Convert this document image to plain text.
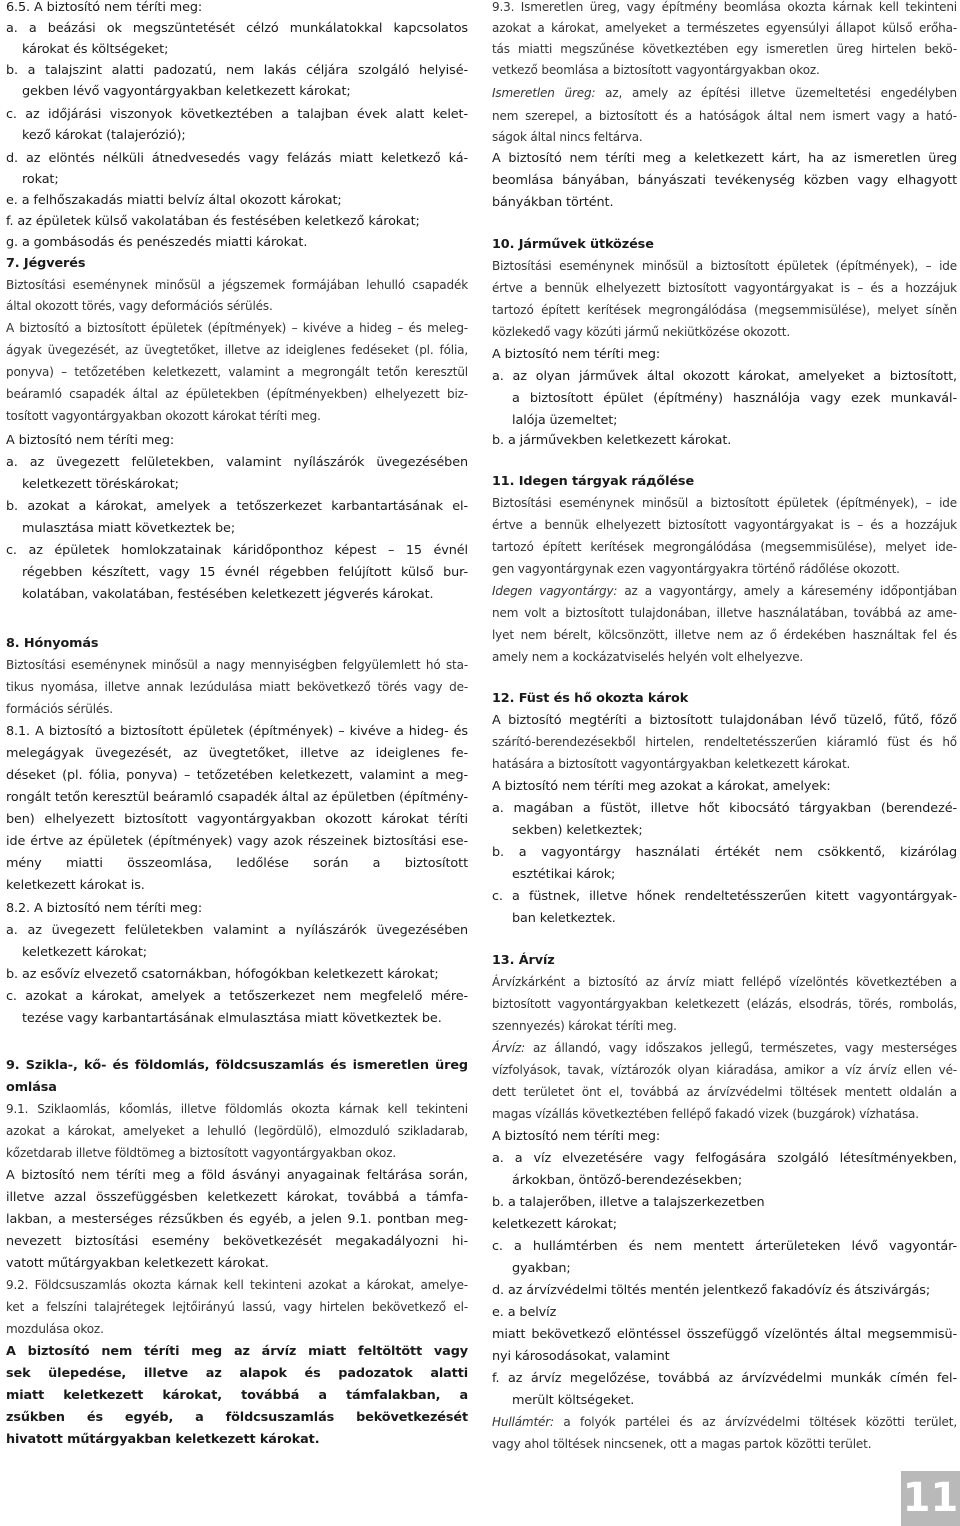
6.5. A biztosító nem téríti meg:
a. a beázási ok megszüntetését célzó munkálatokkal kapcsolatos
károkat és költségeket;
b. a talajszint alatti padozatú, nem lakás céljára szolgáló helyisé-
gekben lévő vagyontárgyakban keletkezett károkat;
c. az időjárási viszonyok következtében a talajban évek alatt kelet-
kező károkat (talajerózió);
d. az elöntés nélküli átnedvesedés vagy felázás miatt keletkező ká-
rokat;
e. a felhőszakadás miatti belvíz által okozott károkat;
f. az épületek külső vakolatában és festésében keletkező károkat;
g. a gombásodás és penészedés miatti károkat.
7. Jégverés
Biztosítási eseménynek minősül a jégszemek formájában lehulló csapadék
által okozott törés, vagy deformációs sérülés.
A biztosító a biztosított épületek (építmények) – kivéve a hideg – és meleg-
ágyak üvegezését, az üvegtetőket, illetve az ideiglenes fedéseket (pl. fólia,
ponyva) – tetőzetében keletkezett, valamint a megrongált tetőn keresztül
beáramló csapadék által az épületekben (építményekben) elhelyezett biz-
tosított vagyontárgyakban okozott károkat téríti meg.
A biztosító nem téríti meg:
a. az üvegezett felületekben, valamint nyílászárók üvegezésében
keletkezett töréskárokat;
b. azokat a károkat, amelyek a tetőszerkezet karbantartásának el-
mulasztása miatt következtek be;
c. az épületek homlokzatainak káridőponthoz képest – 15 évnél
régebben készített, vagy 15 évnél régebben felújított külső bur-
kolatában, vakolatában, festésében keletkezett jégverés károkat.
8. Hónyomás
Biztosítási eseménynek minősül a nagy mennyiségben felgyülemlett hó sta-
tikus nyomása, illetve annak lezúdulása miatt bekövetkező törés vagy de-
formációs sérülés.
8.1. A biztosító a biztosított épületek (építmények) – kivéve a hideg- és
melegágyak üvegezését, az üvegtetőket, illetve az ideiglenes fe-
déseket (pl. fólia, ponyva) – tetőzetében keletkezett, valamint a meg-
rongált tetőn keresztül beáramló csapadék által az épületben (építmény-
ben) elhelyezett biztosított vagyontárgyakban okozott károkat téríti
ide értve az épületek (építmények) vagy azok részeinek biztosítási ese-
mény miatti összeomlása, ledőlése során a biztosított
keletkezett károkat is.
8.2. A biztosító nem téríti meg:
a. az üvegezett felületekben valamint a nyílászárók üvegezésében
keletkezett károkat;
b. az esővíz elvezető csatornákban, hófogókban keletkezett károkat;
c. azokat a károkat, amelyek a tetőszerkezet nem megfelelő mére-
tezése vagy karbantartásának elmulasztása miatt következtek be.
9. Szikla-, kő- és földomlás, földcsuszamlás és ismeretlen üreg
omlása
9.1. Sziklaomlás, kőomlás, illetve földomlás okozta kárnak kell tekinteni
azokat a károkat, amelyeket a lehulló (legördülő), elmozduló szikladarab,
kőzetdarab illetve földtömeg a biztosított vagyontárgyakban okoz.
A biztosító nem téríti meg a föld ásványi anyagainak feltárása során,
illetve azzal összefüggésben keletkezett károkat, továbbá a támfa-
lakban, a mesterséges rézsűkben és egyéb, a jelen 9.1. pontban meg-
nevezett biztosítási esemény bekövetkezését megakadályozni hi-
vatott műtárgyakban keletkezett károkat.
9.2. Földcsuszamlás okozta kárnak kell tekinteni azokat a károkat, amelye-
ket a felszíni talajrétegek lejtőirányú lassú, vagy hirtelen bekövetkező el-
mozdulása okoz.
A biztosító nem téríti meg az árvíz miatt feltöltött vagy
sek ülepedése, illetve az alapok és padozatok alatti
miatt keletkezett károkat, továbbá a támfalakban, a
zsűkben és egyéb, a földcsuszamlás bekövetkezését
hivatott műtárgyakban keletkezett károkat.
9.3. Ismeretlen üreg, vagy építmény beomlása okozta kárnak kell tekinteni
azokat a károkat, amelyeket a természetes egyensúlyi állapot külső erőha-
tás miatti megszűnése következtében egy ismeretlen üreg hirtelen bekö-
vetkező beomlása a biztosított vagyontárgyakban okoz.
Ismeretlen üreg: az, amely az építési illetve üzemeltetési engedélyben
nem szerepel, a biztosított és a hatóságok által nem ismert vagy a ható-
ságok által nincs feltárva.
A biztosító nem téríti meg a keletkezett kárt, ha az ismeretlen üreg
beomlása bányában, bányászati tevékenység közben vagy elhagyott
bányákban történt.
10. Járművek ütközése
Biztosítási eseménynek minősül a biztosított épületek (építmények), – ide
értve a bennük elhelyezett biztosított vagyontárgyakat is – és a hozzájuk
tartozó épített kerítések megrongálódása (megsemmisülése), melyet síněn
közlekedő vagy közúti jármű nekiütközése okozott.
A biztosító nem téríti meg:
a. az olyan járművek által okozott károkat, amelyeket a biztosított,
a biztosított épület (építmény) használója vagy ezek munkavál-
lalója üzemeltet;
b. a járművekben keletkezett károkat.
11. Idegen tárgyak ráдőlése
Biztosítási eseménynek minősül a biztosított épületek (építmények), – ide
értve a bennük elhelyezett biztosított vagyontárgyakat is – és a hozzájuk
tartozó épített kerítések megrongálódása (megsemmisülése), melyet ide-
gen vagyontárgynak ezen vagyontárgyakra történő rádőlése okozott.
Idegen vagyontárgy: az a vagyontárgy, amely a káresemény időpontjában
nem volt a biztosított tulajdonában, illetve használatában, továbbá az ame-
lyet nem bérelt, kölcsönzött, illetve nem az ő érdekében használtak fel és
amely nem a kockázatviselés helyén volt elhelyezve.
12. Füst és hő okozta károk
A biztosító megtéríti a biztosított tulajdonában lévő tüzelő, fűtő, főző
szárító-berendezésekből hirtelen, rendeltetésszerűen kiáramló füst és hő
hatására a biztosított vagyontárgyakban keletkezett károkat.
A biztosító nem téríti meg azokat a károkat, amelyek:
a. magában a füstöt, illetve hőt kibocsátó tárgyakban (berendezé-
sekben) keletkeztek;
b. a vagyontárgy használati értékét nem csökkentő, kizárólag
esztétikai károk;
c. a füstnek, illetve hőnek rendeltetésszerűen kitett vagyontárgyak-
ban keletkeztek.
13. Árvíz
Árvízkárként a biztosító az árvíz miatt fellépő vízelöntés következtében a
biztosított vagyontárgyakban keletkezett (elázás, elsodrás, törés, rombolás,
szennyezés) károkat téríti meg.
Árvíz: az állandó, vagy időszakos jellegű, természetes, vagy mesterséges
vízfolyások, tavak, víztározók olyan kiáradása, amikor a víz árvíz ellen vé-
dett területet önt el, továbbá az árvízvédelmi töltések mentett oldalán a
magas vízállás következtében fellépő fakadó vizek (buzgárok) vízhatása.
A biztosító nem téríti meg:
a. a víz elvezetésére vagy felfogására szolgáló létesítményekben,
árkokban, öntöző-berendezésekben;
b. a talajerőben, illetve a talajszerkezetben
keletkezett károkat;
c. a hullámtérben és nem mentett árterületeken lévő vagyontár-
gyakban;
d. az árvízvédelmi töltés mentén jelentkező fakadóvíz és átszivárgás;
e. a belvíz
miatt bekövetkező elöntéssel összefüggő vízelöntés által megsemmisü-
nyi károsodásokat, valamint
f. az árvíz megelőzése, továbbá az árvízvédelmi munkák címén fel-
merült költségeket.
Hullámtér: a folyók partélei és az árvízvédelmi töltések közötti terület,
vagy ahol töltések nincsenek, ott a magas partok közötti terület.
11
